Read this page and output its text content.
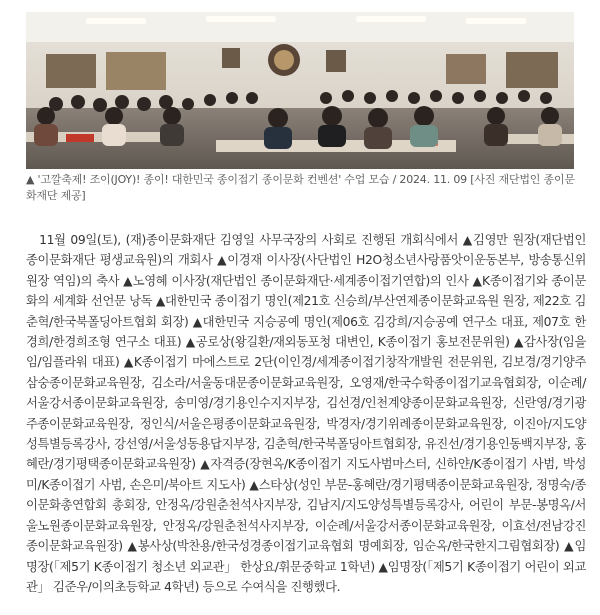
▲ '고깔축제! 조이(JOY)! 종이! 대한민국 종이접기 종이문화 컨벤션' 수업 모습 / 2024. 11. 09 [사진 재단법인 종이문화재단 제공]
　11월 09일(토), (재)종이문화재단 김영일 사무국장의 사회로 진행된 개회식에서 ▲김영만 원장(재단법인 종이문화재단 평생교육원)의 개회사 ▲이경재 이사장(사단법인 H2O청소년사랑품앗이운동본부, 방송통신위원장 역임)의 축사 ▲노영혜 이사장(재단법인 종이문화재단·세계종이접기연합)의 인사 ▲K종이접기와 종이문화의 세계화 선언문 낭독 ▲대한민국 종이접기 명인(제21호 신승희/부산연제종이문화교육원 원장, 제22호 김춘혁/한국북폴딩아트협회 회장) ▲대한민국 지승공예 명인(제06호 김강희/지승공예 연구소 대표, 제07호 한경희/한경희조형 연구소 대표) ▲공로상(왕길환/재외동포청 대변인, K종이접기 홍보전문위원) ▲감사장(임을임/임플라워 대표) ▲K종이접기 마에스트로 2단(이인경/세계종이접기창작개발원 전문위원, 김보경/경기양주삼숭종이문화교육원장, 김소라/서울동대문종이문화교육원장, 오영재/한국수학종이접기교육협회장, 이순례/서울강서종이문화교육원장, 송미영/경기용인수지지부장, 김선경/인천계양종이문화교육원장, 신란영/경기광주종이문화교육원장, 정인식/서울은평종이문화교육원장, 박경자/경기위례종이문화교육원장, 이진아/지도양성특별등록강사, 강선영/서울성동용답지부장, 김춘혁/한국북폴딩아트협회장, 유진선/경기용인동백지부장, 홍혜란/경기평택종이문화교육원장) ▲자격증(장현옥/K종이접기 지도사범마스터, 신하얀/K종이접기 사범, 박성미/K종이접기 사범, 손은미/북아트 지도사) ▲스타상(성인 부문-홍혜란/경기평택종이문화교육원장, 정명숙/종이문화총연합회 총회장, 안정옥/강원춘천석사지부장, 김남지/지도양성특별등록강사, 어린이 부문-봉명옥/서울노원종이문화교육원장, 안정옥/강원춘천석사지부장, 이순례/서울강서종이문화교육원장, 이효선/전남강진종이문화교육원장) ▲봉사상(박찬용/한국성경종이접기교육협회 명예회장, 임순옥/한국한지그림협회장) ▲임명장(「제5기 K종이접기 청소년 외교관」 한상요/휘문중학교 1학년) ▲임명장(「제5기 K종이접기 어린이 외교관」 김준우/이의초등학교 4학년) 등으로 수여식을 진행했다.
